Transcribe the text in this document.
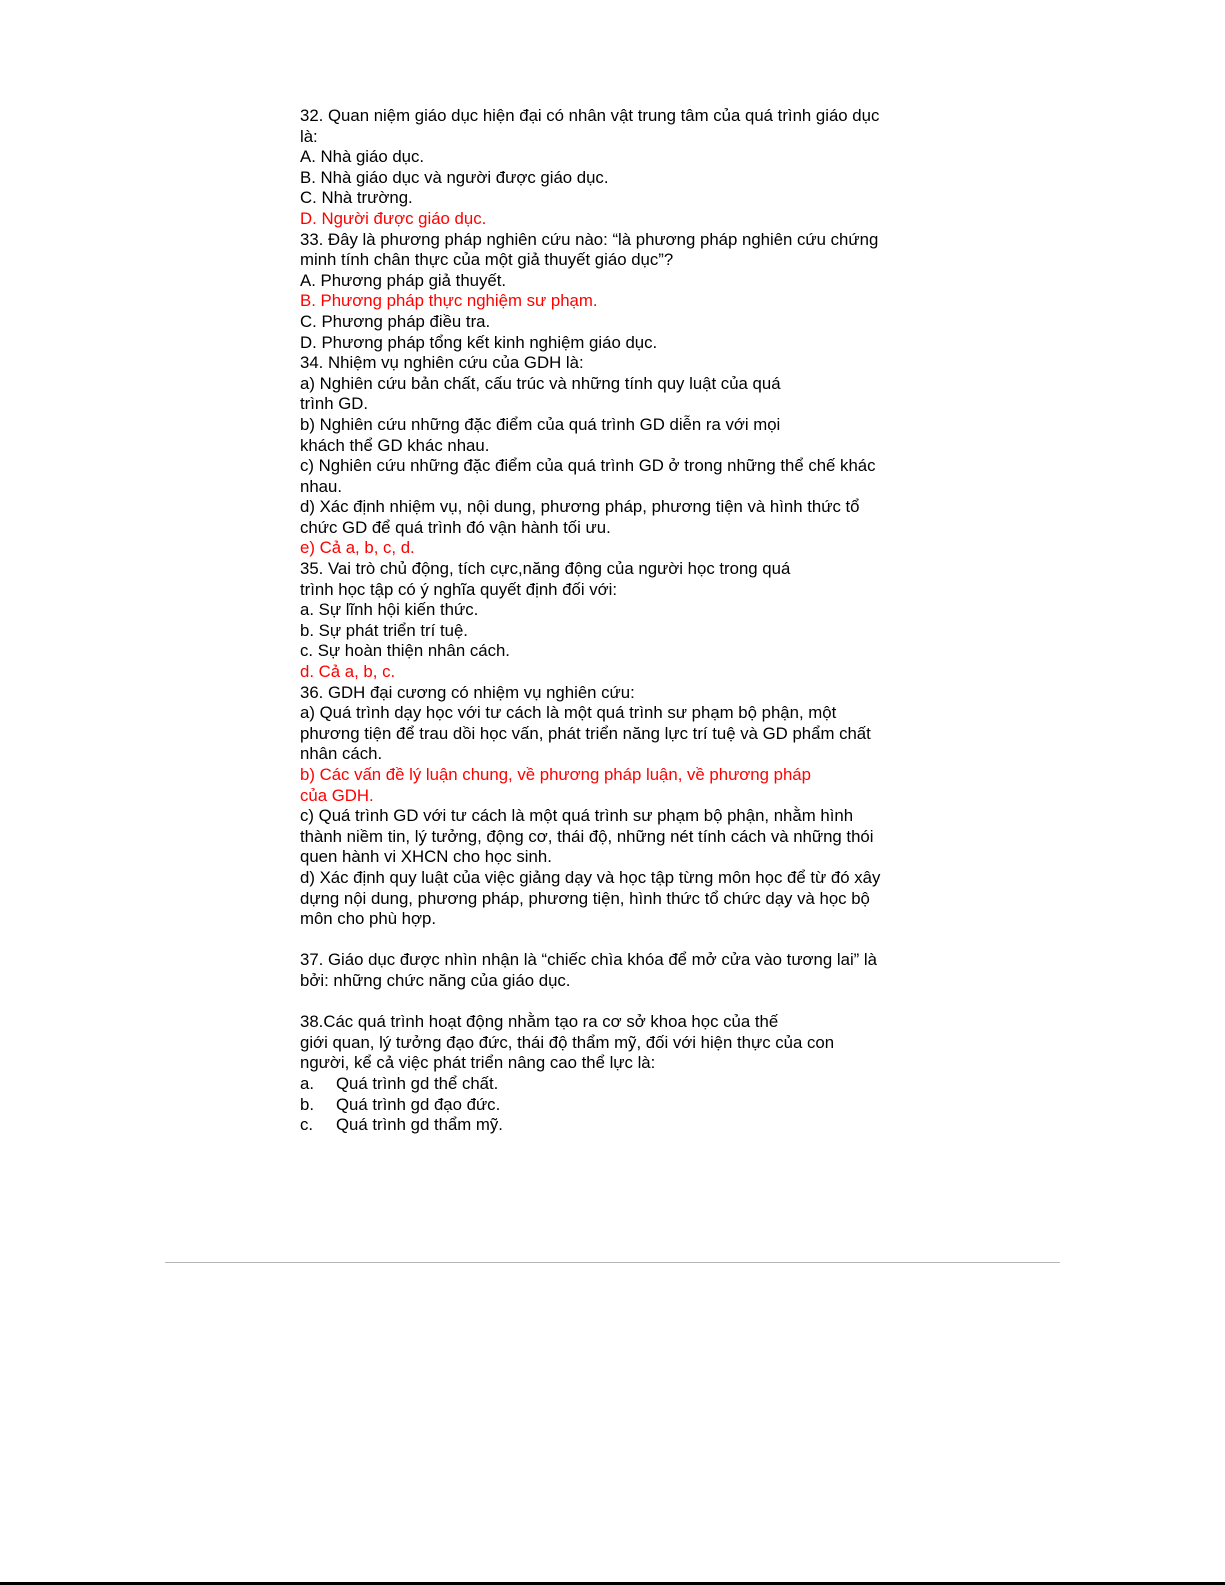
32. Quan niệm giáo dục hiện đại có nhân vật trung tâm của quá trình giáo dục
là:
A. Nhà giáo dục.
B. Nhà giáo dục và người được giáo dục.
C. Nhà trường.
D. Người được giáo dục.
33. Đây là phương pháp nghiên cứu nào: “là phương pháp nghiên cứu chứng
minh tính chân thực của một giả thuyết giáo dục”?
A. Phương pháp giả thuyết.
B. Phương pháp thực nghiệm sư phạm.
C. Phương pháp điều tra.
D. Phương pháp tổng kết kinh nghiệm giáo dục.
34. Nhiệm vụ nghiên cứu của GDH là:
a) Nghiên cứu bản chất, cấu trúc và những tính quy luật của quá
trình GD.
b) Nghiên cứu những đặc điểm của quá trình GD diễn ra với mọi
khách thể GD khác nhau.
c) Nghiên cứu những đặc điểm của quá trình GD ở trong những thể chế khác
nhau.
d) Xác định nhiệm vụ, nội dung, phương pháp, phương tiện và hình thức tổ
chức GD để quá trình đó vận hành tối ưu.
e) Cả a, b, c, d.
35. Vai trò chủ động, tích cực,năng động của người học trong quá
trình học tập có ý nghĩa quyết định đối với:
a. Sự lĩnh hội kiến thức.
b. Sự phát triển trí tuệ.
c. Sự hoàn thiện nhân cách.
d. Cả a, b, c.
36. GDH đại cương có nhiệm vụ nghiên cứu:
a) Quá trình dạy học với tư cách là một quá trình sư phạm bộ phận, một
phương tiện để trau dồi học vấn, phát triển năng lực trí tuệ và GD phẩm chất
nhân cách.
b) Các vấn đề lý luận chung, về phương pháp luận, về phương pháp
của GDH.
c) Quá trình GD với tư cách là một quá trình sư phạm bộ phận, nhằm hình
thành niềm tin, lý tưởng, động cơ, thái độ, những nét tính cách và những thói
quen hành vi XHCN cho học sinh.
d) Xác định quy luật của việc giảng dạy và học tập từng môn học để từ đó xây
dựng nội dung, phương pháp, phương tiện, hình thức tổ chức dạy và học bộ
môn cho phù hợp.
37. Giáo dục được nhìn nhận là “chiếc chìa khóa để mở cửa vào tương lai” là
bởi: những chức năng của giáo dục.
38.Các quá trình hoạt động nhằm tạo ra cơ sở khoa học của thế
giới quan, lý tưởng đạo đức, thái độ thẩm mỹ, đối với hiện thực của con
người, kể cả việc phát triển nâng cao thể lực là:
a. Quá trình gd thể chất.
b. Quá trình gd đạo đức.
c. Quá trình gd thẩm mỹ.
